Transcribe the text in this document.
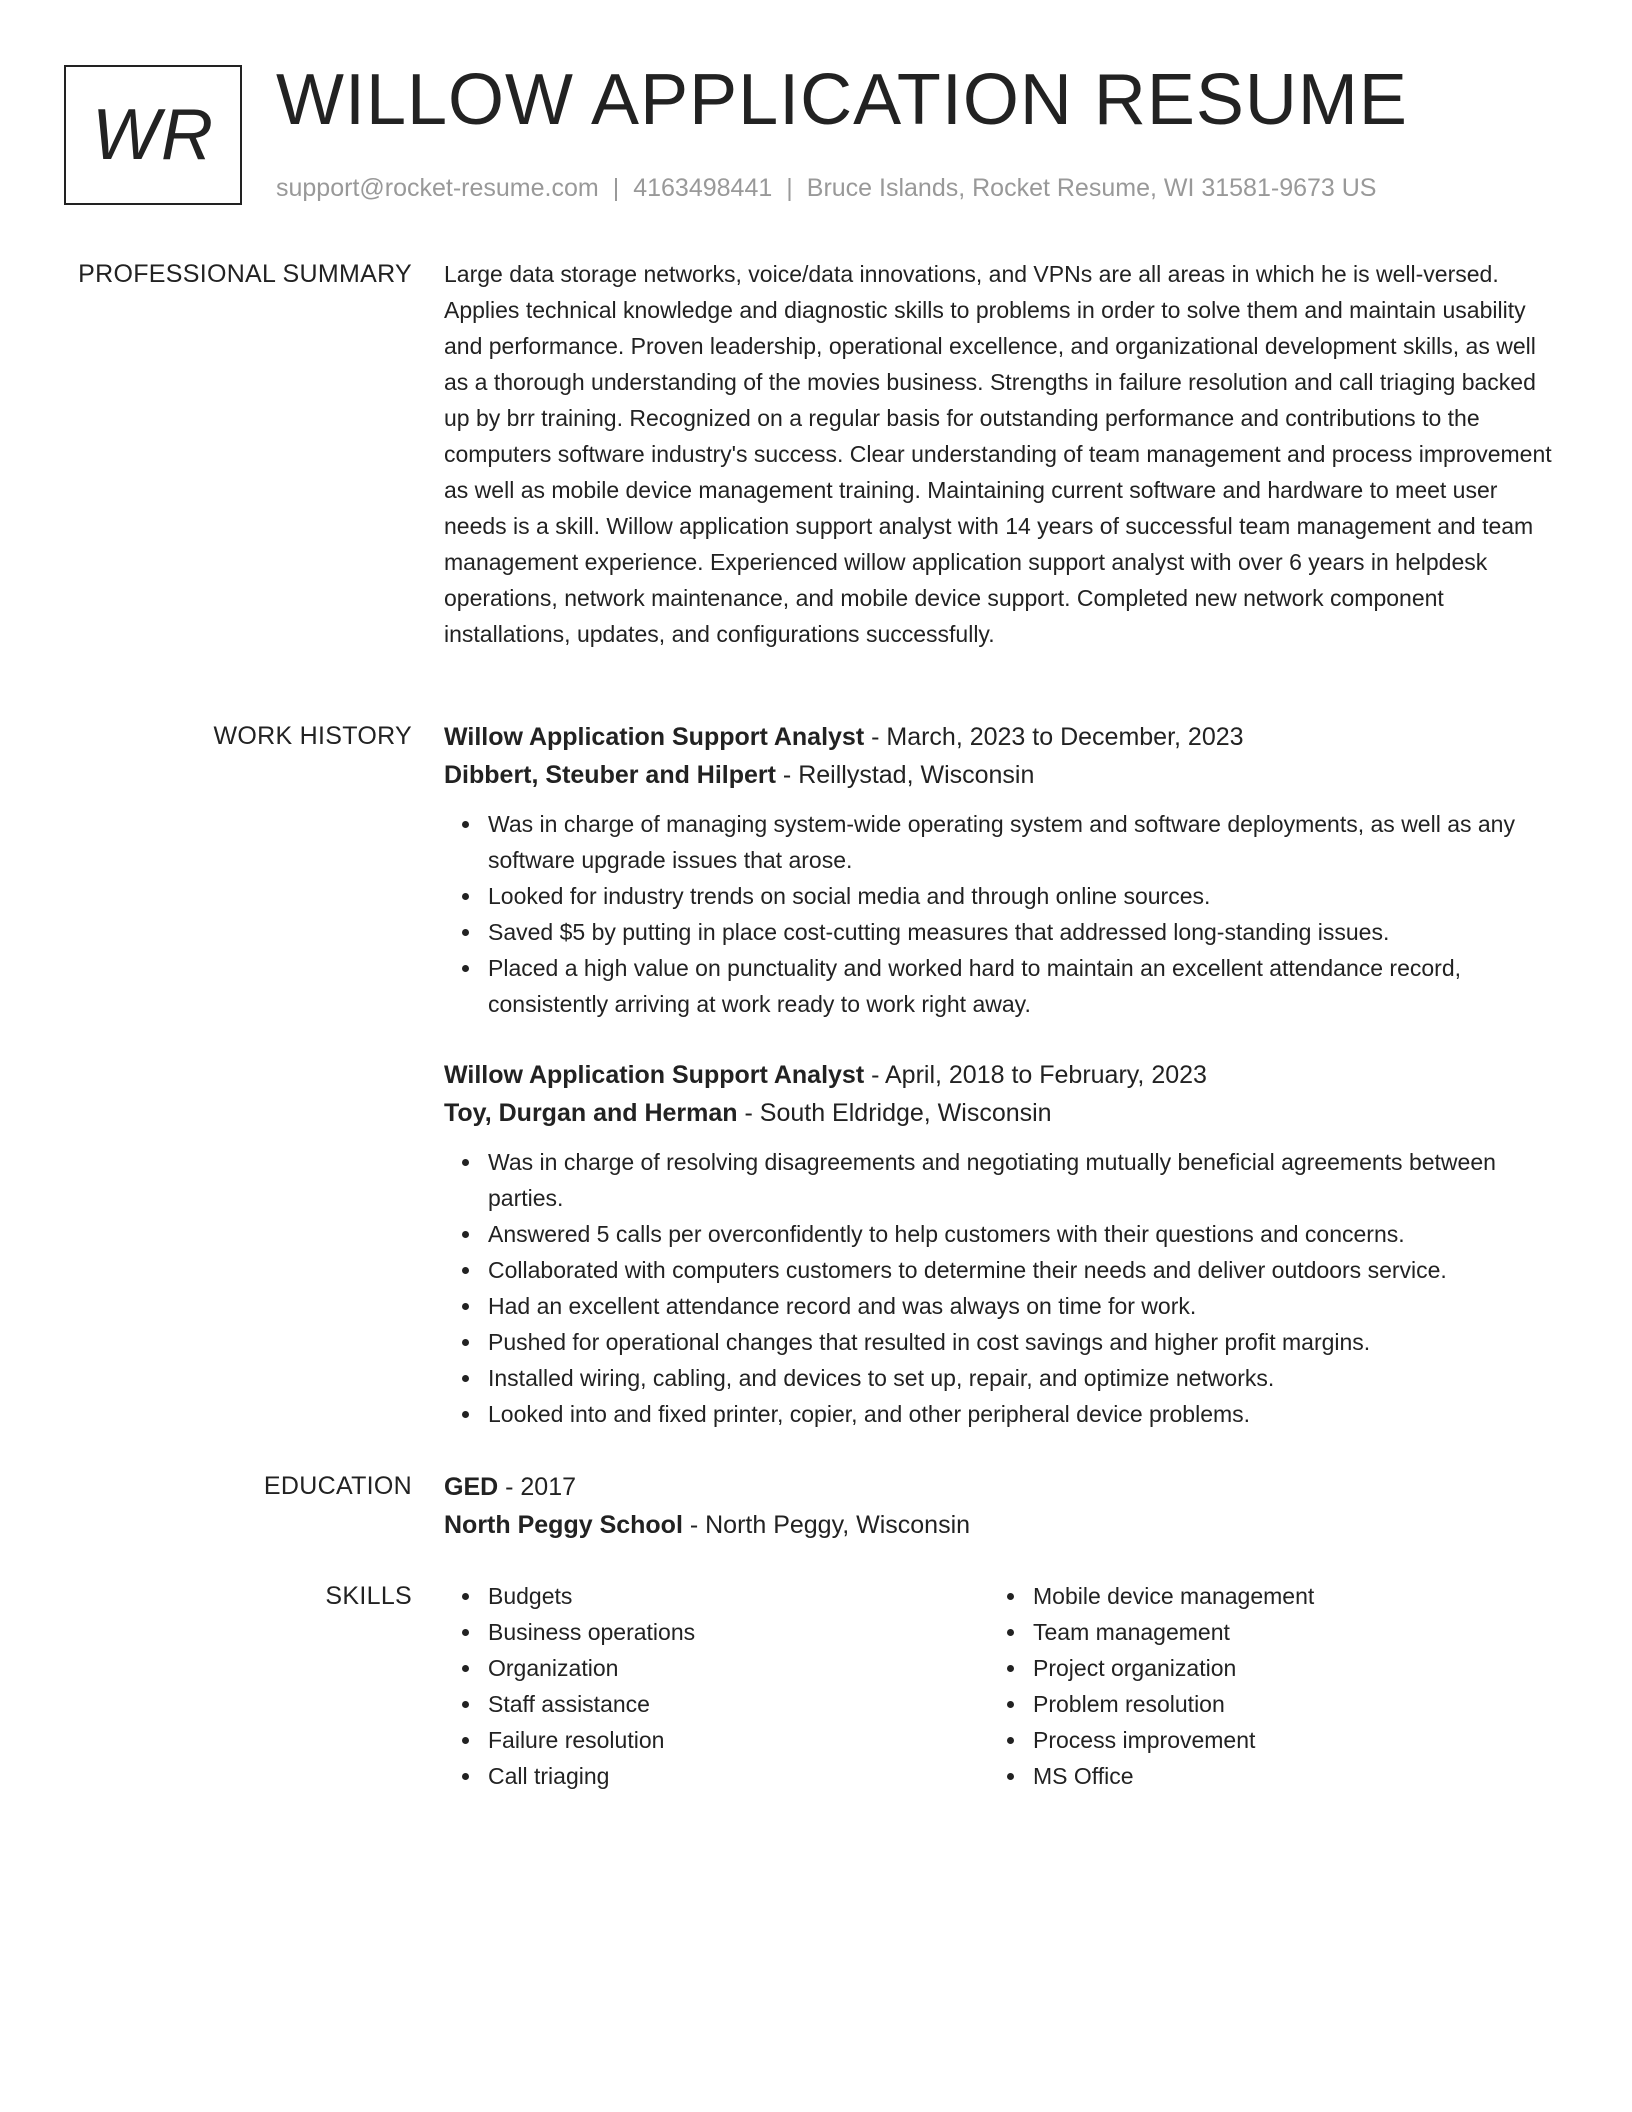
WR WILLOW APPLICATION RESUME
support@rocket-resume.com | 4163498441 | Bruce Islands, Rocket Resume, WI 31581-9673 US
PROFESSIONAL SUMMARY Large data storage networks, voice/data innovations, and VPNs are all areas in which he is well-versed. Applies technical knowledge and diagnostic skills to problems in order to solve them and maintain usability and performance. Proven leadership, operational excellence, and organizational development skills, as well as a thorough understanding of the movies business. Strengths in failure resolution and call triaging backed up by brr training. Recognized on a regular basis for outstanding performance and contributions to the computers software industry's success. Clear understanding of team management and process improvement as well as mobile device management training. Maintaining current software and hardware to meet user needs is a skill. Willow application support analyst with 14 years of successful team management and team management experience. Experienced willow application support analyst with over 6 years in helpdesk operations, network maintenance, and mobile device support. Completed new network component installations, updates, and configurations successfully.

WORK HISTORY Willow Application Support Analyst - March, 2023 to December, 2023
Dibbert, Steuber and Hilpert - Reillystad, Wisconsin
Was in charge of managing system-wide operating system and software deployments, as well as any software upgrade issues that arose.
Looked for industry trends on social media and through online sources.
Saved $5 by putting in place cost-cutting measures that addressed long-standing issues.
Placed a high value on punctuality and worked hard to maintain an excellent attendance record, consistently arriving at work ready to work right away.
Willow Application Support Analyst - April, 2018 to February, 2023
Toy, Durgan and Herman - South Eldridge, Wisconsin
Was in charge of resolving disagreements and negotiating mutually beneficial agreements between parties.
Answered 5 calls per overconfidently to help customers with their questions and concerns.
Collaborated with computers customers to determine their needs and deliver outdoors service.
Had an excellent attendance record and was always on time for work.
Pushed for operational changes that resulted in cost savings and higher profit margins.
Installed wiring, cabling, and devices to set up, repair, and optimize networks.
Looked into and fixed printer, copier, and other peripheral device problems.
EDUCATION GED - 2017
North Peggy School - North Peggy, Wisconsin
SKILLS	Budgets
Business operations
Organization
Staff assistance
Failure resolution
Call triaging
Mobile device management
Team management
Project organization
Problem resolution
Process improvement
MS Office
